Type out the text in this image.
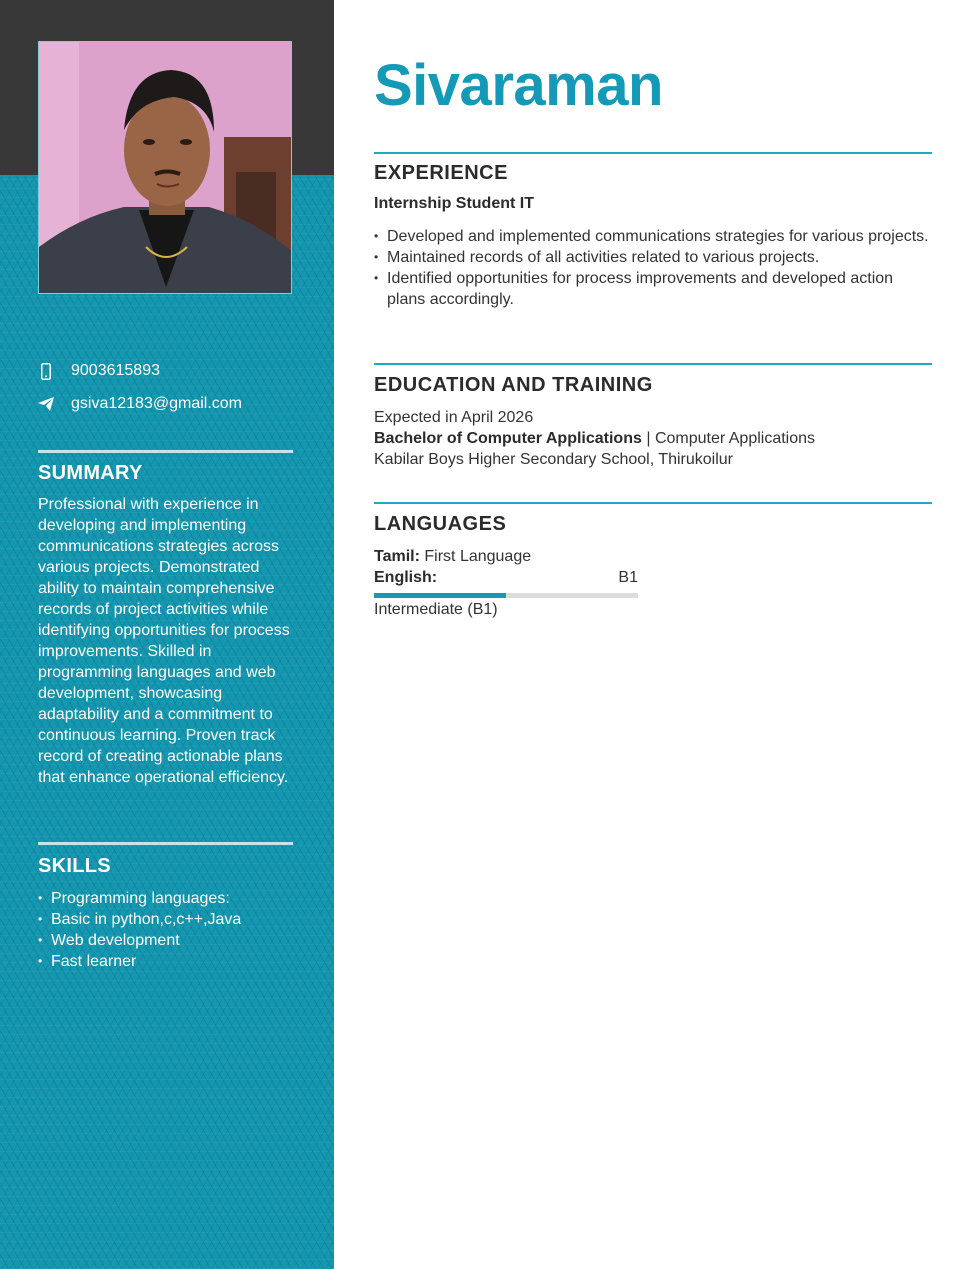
9003615893
gsiva12183@gmail.com
SUMMARY
Professional with experience in developing and implementing communications strategies across various projects. Demonstrated ability to maintain comprehensive records of project activities while identifying opportunities for process improvements. Skilled in programming languages and web development, showcasing adaptability and a commitment to continuous learning. Proven track record of creating actionable plans that enhance operational efficiency.
SKILLS
• Programming languages:
• Basic in python,c,c++,Java
• Web development
• Fast learner
Sivaraman
EXPERIENCE
Internship Student IT
• Developed and implemented communications strategies for various projects.
• Maintained records of all activities related to various projects.
• Identified opportunities for process improvements and developed action plans accordingly.
EDUCATION AND TRAINING
Expected in April 2026
Bachelor of Computer Applications | Computer Applications
Kabilar Boys Higher Secondary School, Thirukoilur
LANGUAGES
Tamil: First Language
English:	B1
Intermediate (B1)
